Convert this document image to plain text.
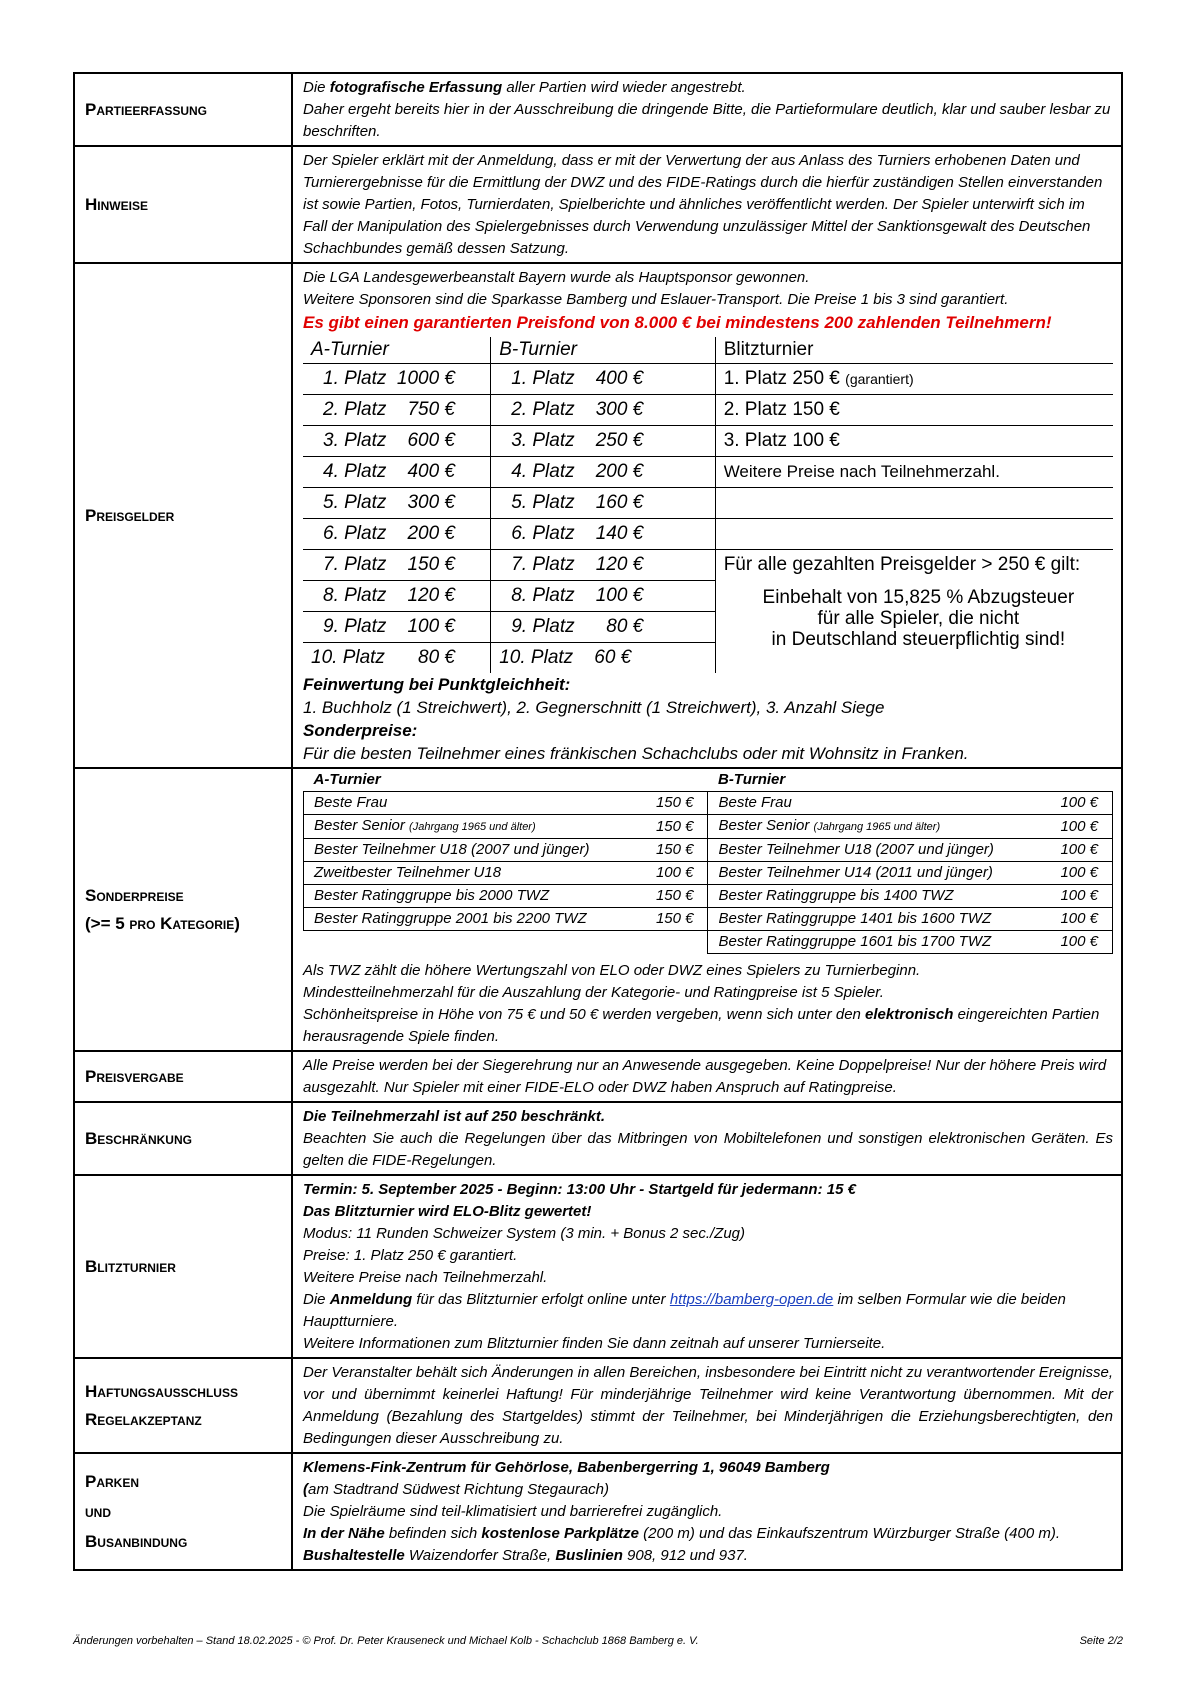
Partieerfassung	

Die fotografische Erfassung aller Partien wird wieder angestrebt.

Daher ergeht bereits hier in der Ausschreibung die dringende Bitte, die Partieformulare deutlich, klar und sauber lesbar zu beschriften.

Hinweise	

Der Spieler erklärt mit der Anmeldung, dass er mit der Verwertung der aus Anlass des Turniers erhobenen Daten und Turnierergebnisse für die Ermittlung der DWZ und des FIDE-Ratings durch die hierfür zuständigen Stellen einverstanden ist sowie Partien, Fotos, Turnierdaten, Spielberichte und ähnliches veröffentlicht werden. Der Spieler unterwirft sich im Fall der Manipulation des Spielergebnisses durch Verwendung unzulässiger Mittel der Sanktionsgewalt des Deutschen Schachbundes gemäß dessen Satzung.

Preisgelder	

Die LGA Landesgewerbeanstalt Bayern wurde als Hauptsponsor gewonnen.

Weitere Sponsoren sind die Sparkasse Bamberg und Eslauer-Transport. Die Preise 1 bis 3 sind garantiert.

Es gibt einen garantierten Preisfond von 8.000 € bei mindestens 200 zahlenden Teilnehmern!

A-Turnier	B-Turnier	Blitzturnier
1. Platz 1000 €	1. Platz 400 €	1. Platz 250 € (garantiert)
2. Platz 750 €	2. Platz 300 €	2. Platz 150 €
3. Platz 600 €	3. Platz 250 €	3. Platz 100 €
4. Platz 400 €	4. Platz 200 €	Weitere Preise nach Teilnehmerzahl.
5. Platz 300 €	5. Platz 160 €	
6. Platz 200 €	6. Platz 140 €	
7. Platz 150 €	7. Platz 120 €	Für alle gezahlten Preisgelder > 250 € gilt:
8. Platz 120 €	8. Platz 100 €	Einbehalt von 15,825 % Abzugsteuer
für alle Spieler, die nicht
in Deutschland steuerpflichtig sind!

9. Platz 100 €	9. Platz 80 €
10. Platz 80 €	10. Platz 60 €

Feinwertung bei Punktgleichheit:

1. Buchholz (1 Streichwert), 2. Gegnerschnitt (1 Streichwert), 3. Anzahl Siege

Sonderpreise:

Für die besten Teilnehmer eines fränkischen Schachclubs oder mit Wohnsitz in Franken.

Sonderpreise
(>= 5 pro Kategorie)

A-Turnier	B-Turnier
Beste Frau	150 €	Beste Frau	100 €
Bester Senior (Jahrgang 1965 und älter)	150 €	Bester Senior (Jahrgang 1965 und älter)	100 €
Bester Teilnehmer U18 (2007 und jünger)	150 €	Bester Teilnehmer U18 (2007 und jünger)	100 €
Zweitbester Teilnehmer U18	100 €	Bester Teilnehmer U14 (2011 und jünger)	100 €
Bester Ratinggruppe bis 2000 TWZ	150 €	Bester Ratinggruppe bis 1400 TWZ	100 €
Bester Ratinggruppe 2001 bis 2200 TWZ	150 €	Bester Ratinggruppe 1401 bis 1600 TWZ	100 €
		Bester Ratinggruppe 1601 bis 1700 TWZ	100 €

Als TWZ zählt die höhere Wertungszahl von ELO oder DWZ eines Spielers zu Turnierbeginn.

Mindestteilnehmerzahl für die Auszahlung der Kategorie- und Ratingpreise ist 5 Spieler.

Schönheitspreise in Höhe von 75 € und 50 € werden vergeben, wenn sich unter den elektronisch eingereichten Partien herausragende Spiele finden.

Preisvergabe	

Alle Preise werden bei der Siegerehrung nur an Anwesende ausgegeben. Keine Doppelpreise! Nur der höhere Preis wird ausgezahlt. Nur Spieler mit einer FIDE-ELO oder DWZ haben Anspruch auf Ratingpreise.

Beschränkung	

Die Teilnehmerzahl ist auf 250 beschränkt.

Beachten Sie auch die Regelungen über das Mitbringen von Mobiltelefonen und sonstigen elektronischen Geräten. Es gelten die FIDE-Regelungen.

Blitzturnier	

Termin: 5. September 2025 - Beginn: 13:00 Uhr - Startgeld für jedermann: 15 €

Das Blitzturnier wird ELO-Blitz gewertet!

Modus: 11 Runden Schweizer System (3 min. + Bonus 2 sec./Zug)

Preise: 1. Platz 250 € garantiert.

Weitere Preise nach Teilnehmerzahl.

Die Anmeldung für das Blitzturnier erfolgt online unter https://bamberg-open.de im selben Formular wie die beiden Hauptturniere.

Weitere Informationen zum Blitzturnier finden Sie dann zeitnah auf unserer Turnierseite.

Haftungsausschluss
Regelakzeptanz

Der Veranstalter behält sich Änderungen in allen Bereichen, insbesondere bei Eintritt nicht zu verantwortender Ereignisse, vor und übernimmt keinerlei Haftung! Für minderjährige Teilnehmer wird keine Verantwortung übernommen. Mit der Anmeldung (Bezahlung des Startgeldes) stimmt der Teilnehmer, bei Minderjährigen die Erziehungsberechtigten, den Bedingungen dieser Ausschreibung zu.

Parken
und
Busanbindung

Klemens-Fink-Zentrum für Gehörlose, Babenbergerring 1, 96049 Bamberg

(am Stadtrand Südwest Richtung Stegaurach)

Die Spielräume sind teil-klimatisiert und barrierefrei zugänglich.

In der Nähe befinden sich kostenlose Parkplätze (200 m) und das Einkaufszentrum Würzburger Straße (400 m).

Bushaltestelle Waizendorfer Straße, Buslinien 908, 912 und 937.

Änderungen vorbehalten – Stand 18.02.2025 - © Prof. Dr. Peter Krauseneck und Michael Kolb - Schachclub 1868 Bamberg e. V.	Seite 2/2
